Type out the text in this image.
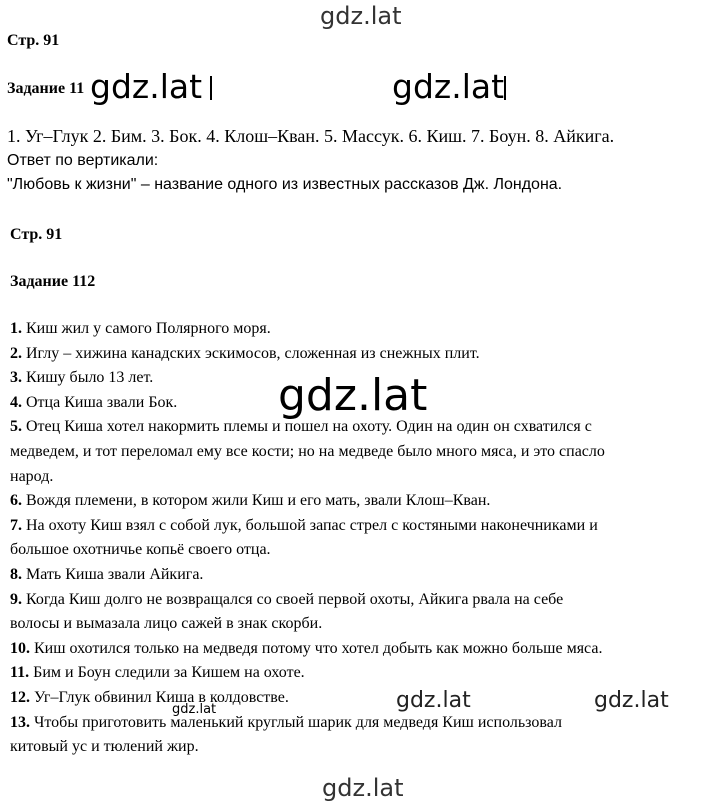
Стр. 91
Задание 11
1. Уг–Глук 2. Бим. 3. Бок. 4. Клош–Кван. 5. Массук. 6. Киш. 7. Боун. 8. Айкига.
Ответ по вертикали:
"Любовь к жизни" – название одного из известных рассказов Дж. Лондона.
Стр. 91
Задание 112
1. Киш жил у самого Полярного моря.
2. Иглу – хижина канадских эскимосов, сложенная из снежных плит.
3. Кишу было 13 лет.
4. Отца Киша звали Бок.
5. Отец Киша хотел накормить племы и пошел на охоту. Один на один он схватился с
медведем, и тот переломал ему все кости; но на медведе было много мяса, и это спасло
народ.
6. Вождя племени, в котором жили Киш и его мать, звали Клош–Кван.
7. На охоту Киш взял с собой лук, большой запас стрел с костяными наконечниками и
большое охотничье копьё своего отца.
8. Мать Киша звали Айкига.
9. Когда Киш долго не возвращался со своей первой охоты, Айкига рвала на себе
волосы и вымазала лицо сажей в знак скорби.
10. Киш охотился только на медведя потому что хотел добыть как можно больше мяса.
11. Бим и Боун следили за Кишем на охоте.
12. Уг–Глук обвинил Киша в колдовстве.
13. Чтобы приготовить маленький круглый шарик для медведя Киш использовал
китовый ус и тюлений жир.
gdz.lat
gdz.lat	gdz.lat
gdz.lat
gdz.lat	gdz.lat
gdz.lat
gdz.lat
